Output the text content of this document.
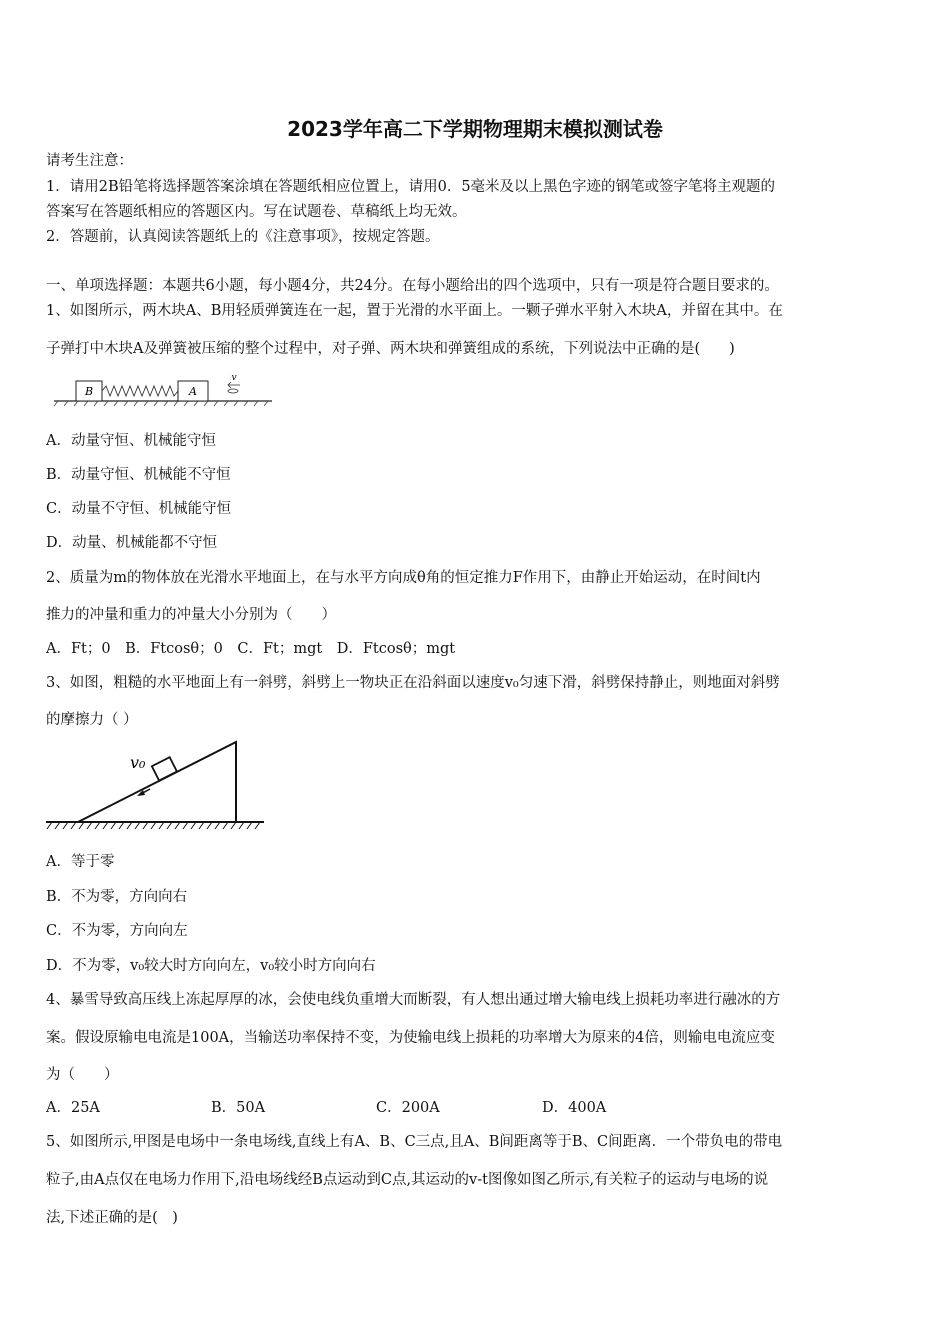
2023学年高二下学期物理期末模拟测试卷
请考生注意：
1．请用2B铅笔将选择题答案涂填在答题纸相应位置上，请用0．5毫米及以上黑色字迹的钢笔或签字笔将主观题的
答案写在答题纸相应的答题区内。写在试题卷、草稿纸上均无效。
2．答题前，认真阅读答题纸上的《注意事项》，按规定答题。
一、单项选择题：本题共6小题，每小题4分，共24分。在每小题给出的四个选项中，只有一项是符合题目要求的。
1、如图所示，两木块A、B用轻质弹簧连在一起，置于光滑的水平面上。一颗子弹水平射入木块A，并留在其中。在
子弹打中木块A及弹簧被压缩的整个过程中，对子弹、两木块和弹簧组成的系统，下列说法中正确的是(　　)
B	A
v
A．动量守恒、机械能守恒
B．动量守恒、机械能不守恒
C．动量不守恒、机械能守恒
D．动量、机械能都不守恒
2、质量为m的物体放在光滑水平地面上，在与水平方向成θ角的恒定推力F作用下，由静止开始运动，在时间t内
推力的冲量和重力的冲量大小分别为（　　）
A．Ft；0　B．Ftcosθ；0　C．Ft；mgt　D．Ftcosθ；mgt
3、如图，粗糙的水平地面上有一斜劈，斜劈上一物块正在沿斜面以速度v₀匀速下滑，斜劈保持静止，则地面对斜劈
的摩擦力（ ）
v₀
A．等于零
B．不为零，方向向右
C．不为零，方向向左
D．不为零，v₀较大时方向向左，v₀较小时方向向右
4、暴雪导致高压线上冻起厚厚的冰，会使电线负重增大而断裂，有人想出通过增大输电线上损耗功率进行融冰的方
案。假设原输电电流是100A，当输送功率保持不变，为使输电线上损耗的功率增大为原来的4倍，则输电电流应变
为（　　）
A．25A	B．50A	C．200A	D．400A
5、如图所示,甲图是电场中一条电场线,直线上有A、B、C三点,且A、B间距离等于B、C间距离．一个带负电的带电
粒子,由A点仅在电场力作用下,沿电场线经B点运动到C点,其运动的v-t图像如图乙所示,有关粒子的运动与电场的说
法,下述正确的是(　)
